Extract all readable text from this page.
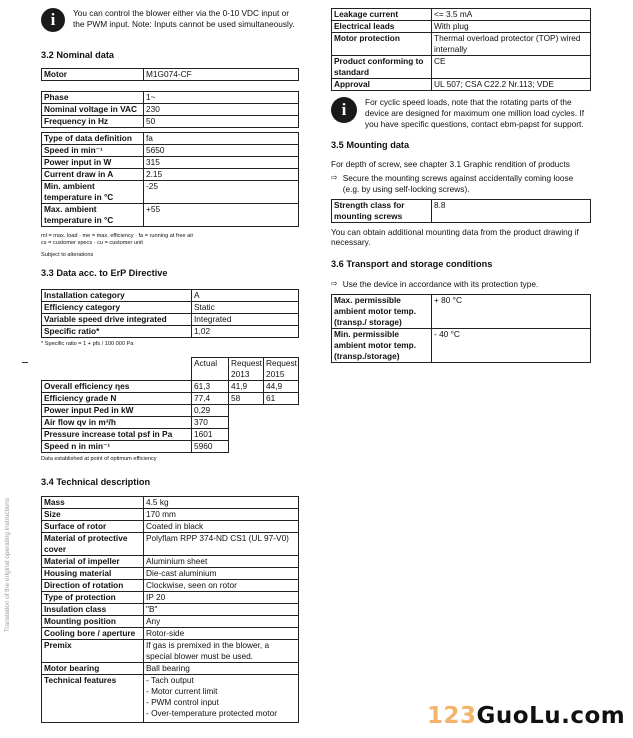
Translation of the original operating instructions
i	You can control the blower either via the 0-10 VDC input or the PWM input. Note: Inputs cannot be used simultaneously.
3.2 Nominal data
Motor	M1G074-CF
Phase	1~
Nominal voltage in VAC	230
Frequency in Hz	50
Type of data definition	fa
Speed in min⁻¹	5650
Power input in W	315
Current draw in A	2.15
Min. ambient temperature in °C	-25
Max. ambient temperature in °C	+55
ml = max. load · me = max. efficiency · fa = running at free air
cs = customer specs · cu = customer unit
Subject to alterations
3.3 Data acc. to ErP Directive
Installation category	A
Efficiency category	Static
Variable speed drive integrated	Integrated
Specific ratio*	1,02
* Specific ratio = 1 + pfs / 100 000 Pa
	Actual	Request 2013	Request 2015
Overall efficiency ηes	61,3	41,9	44,9
Efficiency grade N	77,4	58	61
Power input Ped in kW	0,29		
Air flow qv in m³/h	370		
Pressure increase total psf in Pa	1601		
Speed n in min⁻¹	5960		
Data established at point of optimum efficiency
3.4 Technical description
Mass	4.5 kg
Size	170 mm
Surface of rotor	Coated in black
Material of protective cover	Polyflam RPP 374-ND CS1 (UL 97-V0)
Material of impeller	Aluminium sheet
Housing material	Die-cast aluminium
Direction of rotation	Clockwise, seen on rotor
Type of protection	IP 20
Insulation class	"B"
Mounting position	Any
Cooling bore / aperture	Rotor-side
Premix	If gas is premixed in the blower, a special blower must be used.
Motor bearing	Ball bearing
Technical features	- Tach output
- Motor current limit
- PWM control input
- Over-temperature protected motor
Leakage current	<= 3.5 mA
Electrical leads	With plug
Motor protection	Thermal overload protector (TOP) wired internally
Product conforming to standard	CE
Approval	UL 507; CSA C22.2 Nr.113; VDE
i	For cyclic speed loads, note that the rotating parts of the device are designed for maximum one million load cycles. If you have specific questions, contact ebm-papst for support.
3.5 Mounting data
For depth of screw, see chapter 3.1 Graphic rendition of products
⇨ Secure the mounting screws against accidentally coming loose (e.g. by using self-locking screws).
Strength class for mounting screws	8.8
You can obtain additional mounting data from the product drawing if necessary.
3.6 Transport and storage conditions
⇨ Use the device in accordance with its protection type.
Max. permissible ambient motor temp. (transp./ storage)	+ 80 °C
Min. permissible ambient motor temp. (transp./storage)	- 40 °C
123GuoLu.com
